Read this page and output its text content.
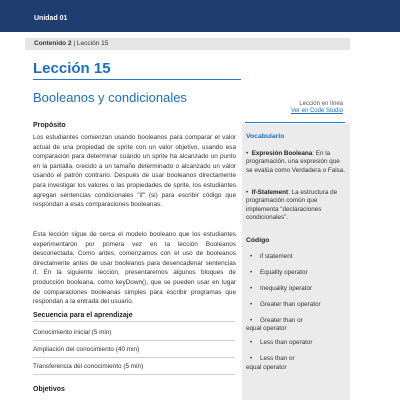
Unidad 01
Contenido 2 | Lección 15
Lección 15
Booleanos y condicionales	Lección en línea
Ver en Code Studio
Propósito
Los estudiantes comienzan usando booleanos para comparar el valor actual de una propiedad de sprite con un valor objetivo, usando esa comparación para determinar cuándo un sprite ha alcanzado un punto en la pantalla, crecido a un tamaño determinado o alcanzado un valor usando el patrón contrario. Después de usar booleanos directamente para investigar los valores o las propiedades de sprite, los estudiantes agregan sentencias condicionales "if" (si) para escribir código que respondan a esas comparaciones booleanas.
Esta lección sigue de cerca el modelo booleano que los estudiantes experimentaron por primera vez en la lección Booleanos desconectada. Como antes, comenzamos con el uso de booleanos directamente antes de usar booleanos para desencadenar sentencias if. En la siguiente lección, presentaremos algunos bloques de producción booleana, como keyDown(), que se pueden usar en lugar de comparaciones booleanas simples para escribir programas que respondan a la entrada del usuario.
Secuencia para el aprendizaje
Conocimiento inicial (5 min)
Ampliación del conocimiento (40 min)
Transferencia del conocimiento (5 min)
Objetivos
Vocabulario
• Expresión Booleana: En la programación, una expresión que se evalúa como Verdadera o Falsa.
• If-Statement: La estructura de programación común que implementa "declaraciones condicionales".
Código
• if statement
• Equality operator
• Inequality operator
• Greater than operator
• Greater than or
equal operator
• Less than operator
• Less than or
equal operator
